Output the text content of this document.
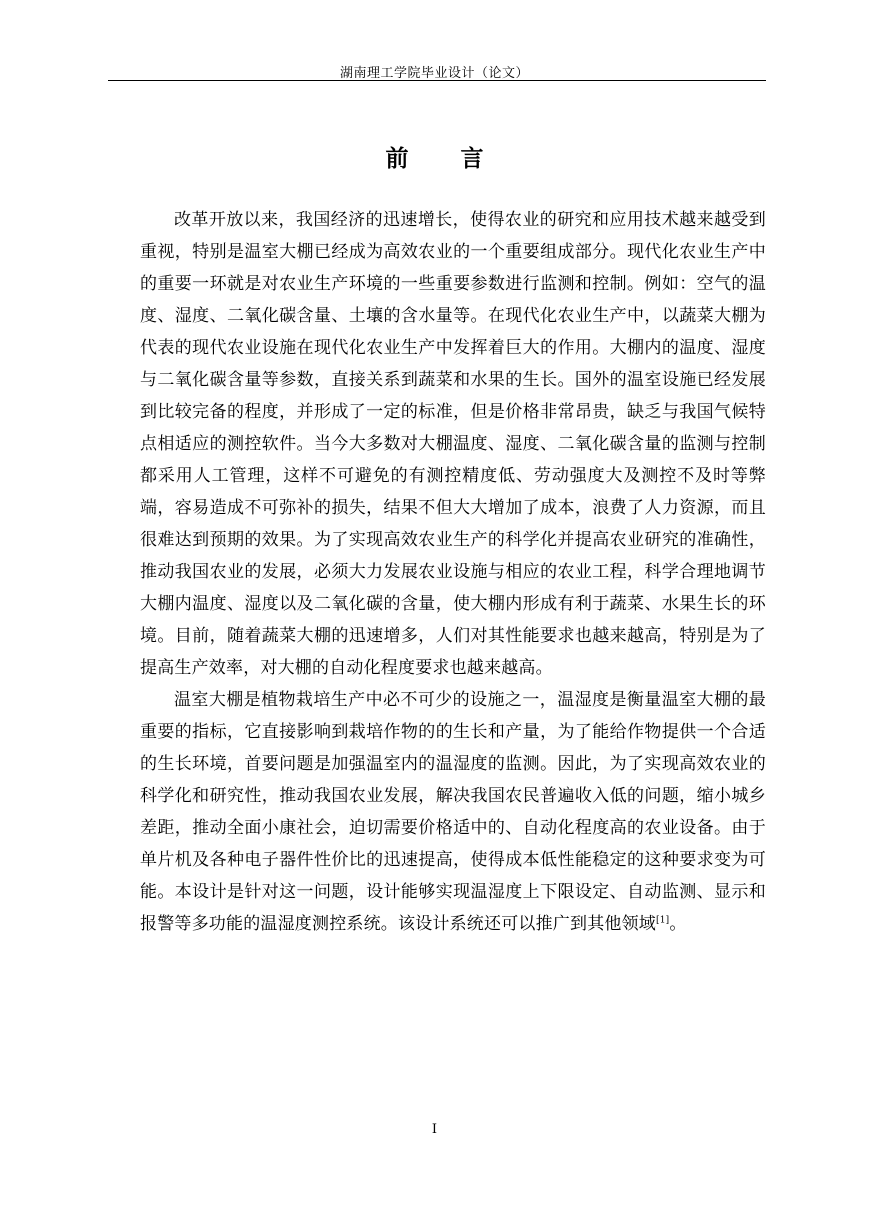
湖南理工学院毕业设计（论文）
前 言

改革开放以来，我国经济的迅速增长，使得农业的研究和应用技术越来越受到重视，特别是温室大棚已经成为高效农业的一个重要组成部分。现代化农业生产中的重要一环就是对农业生产环境的一些重要参数进行监测和控制。例如：空气的温度、湿度、二氧化碳含量、土壤的含水量等。在现代化农业生产中，以蔬菜大棚为代表的现代农业设施在现代化农业生产中发挥着巨大的作用。大棚内的温度、湿度与二氧化碳含量等参数，直接关系到蔬菜和水果的生长。国外的温室设施已经发展到比较完备的程度，并形成了一定的标准，但是价格非常昂贵，缺乏与我国气候特点相适应的测控软件。当今大多数对大棚温度、湿度、二氧化碳含量的监测与控制都采用人工管理，这样不可避免的有测控精度低、劳动强度大及测控不及时等弊端，容易造成不可弥补的损失，结果不但大大增加了成本，浪费了人力资源，而且很难达到预期的效果。为了实现高效农业生产的科学化并提高农业研究的准确性，推动我国农业的发展，必须大力发展农业设施与相应的农业工程，科学合理地调节大棚内温度、湿度以及二氧化碳的含量，使大棚内形成有利于蔬菜、水果生长的环境。目前，随着蔬菜大棚的迅速增多，人们对其性能要求也越来越高，特别是为了提高生产效率，对大棚的自动化程度要求也越来越高。

温室大棚是植物栽培生产中必不可少的设施之一，温湿度是衡量温室大棚的最重要的指标，它直接影响到栽培作物的的生长和产量，为了能给作物提供一个合适的生长环境，首要问题是加强温室内的温湿度的监测。因此，为了实现高效农业的科学化和研究性，推动我国农业发展，解决我国农民普遍收入低的问题，缩小城乡差距，推动全面小康社会，迫切需要价格适中的、自动化程度高的农业设备。由于单片机及各种电子器件性价比的迅速提高，使得成本低性能稳定的这种要求变为可能。本设计是针对这一问题，设计能够实现温湿度上下限设定、自动监测、显示和报警等多功能的温湿度测控系统。该设计系统还可以推广到其他领域[1]。

I
